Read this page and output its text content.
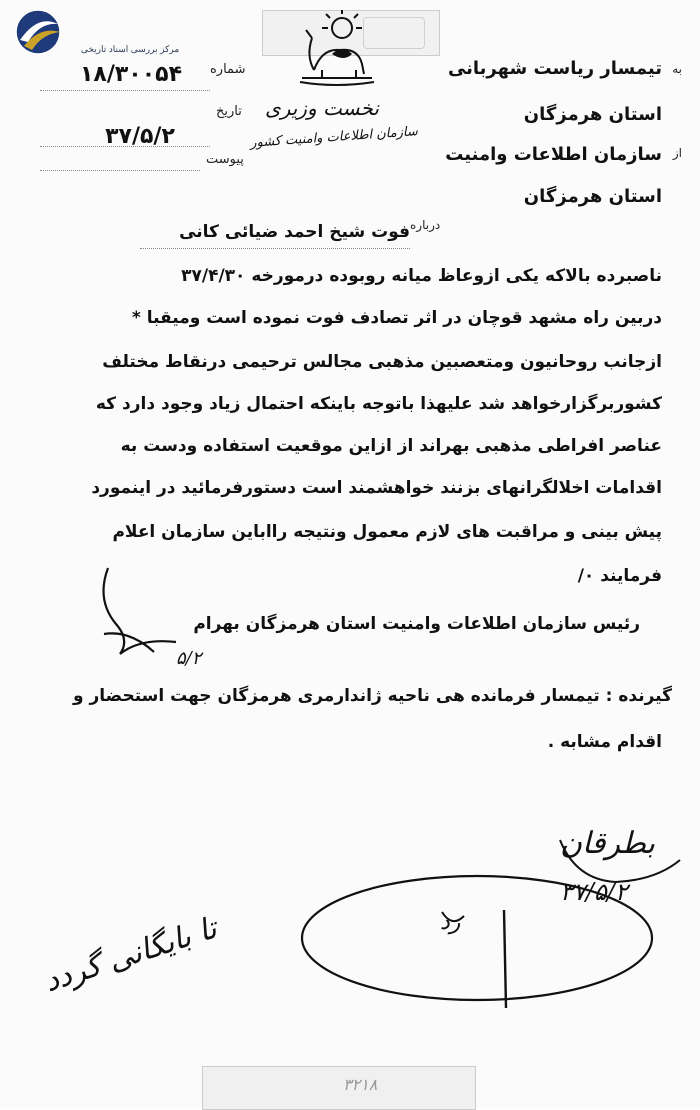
مرکز بررسی اسناد تاریخی
نخست وزیری
سازمان اطلاعات وامنیت کشور
شماره
۱۸/۳۰۰۵۴
تاریخ
۳۷/۵/۲
پیوست
به
تیمسار ریاست شهربانی
استان هرمزگان
از
سازمان اطلاعات وامنیت
استان هرمزگان
درباره
فوت شیخ احمد ضیائی کانی
ناصبرده بالاکه یکی ازوعاظ میانه روبوده درمورخه ۳۷/۴/۳۰
دربین راه مشهد قوچان در اثر تصادف فوت نموده است ومیقبا *
ازجانب روحانیون ومتعصبین مذهبی مجالس ترحیمی درنقاط مختلف
کشوربرگزارخواهد شد علیهذا باتوجه باینکه احتمال زیاد وجود دارد که
عناصر افراطی مذهبی بهراند از ازاین موقعیت استفاده ودست به
اقدامات اخلالگرانهای بزنند خواهشمند است دستورفرمائید در اینمورد
پیش بینی و مراقبت های لازم معمول ونتیجه رااباین سازمان اعلام
فرمایند ٠/
رئیس سازمان اطلاعات وامنیت استان هرمزگان بهرام
۵/۲
گیرنده : تیمسار فرمانده هی ناحیه ژاندارمری هرمزگان جهت استحضار و
اقدام مشابه .
بطرقان
رد
۳۷/۵/۲
تا بایگانی گردد
۳۲۱۸
